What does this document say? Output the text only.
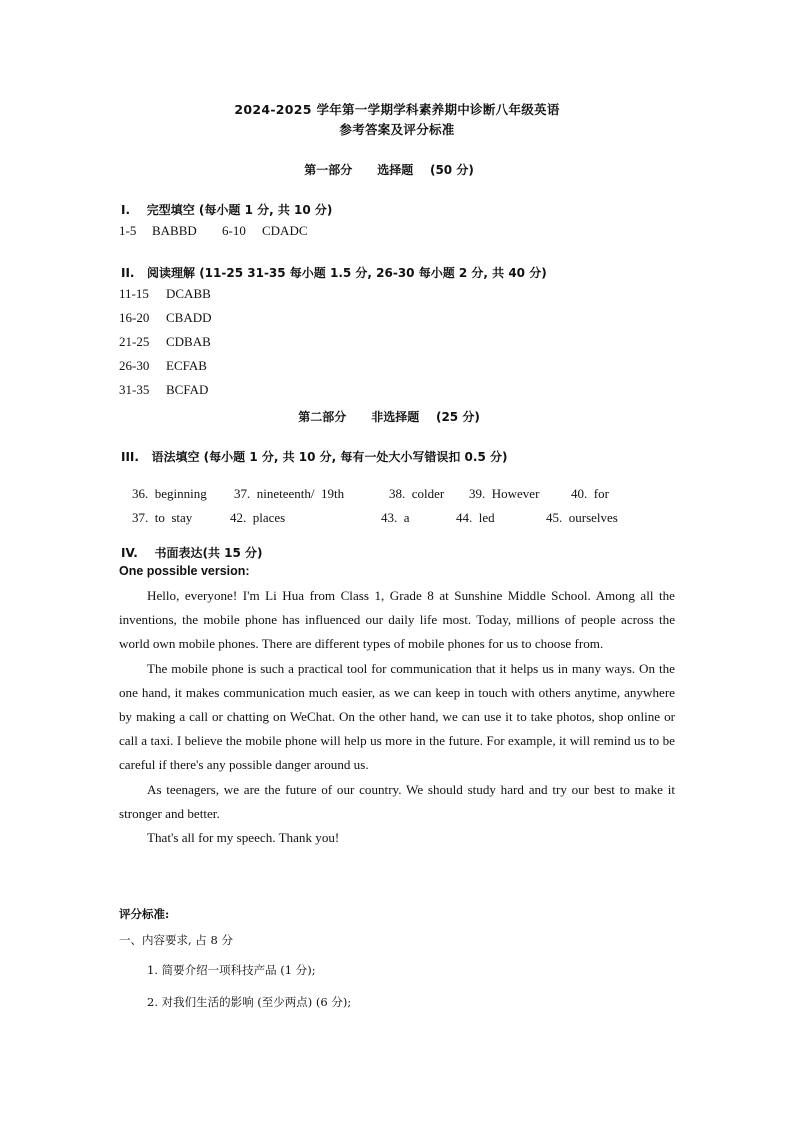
2024-2025 学年第一学期学科素养期中诊断八年级英语
参考答案及评分标准
第一部分      选择题    (50 分)
I.    完型填空 (每小题 1 分, 共 10 分)
1-5 BABBD 6-10 CDADC
II.   阅读理解 (11-25 31-35 每小题 1.5 分, 26-30 每小题 2 分, 共 40 分)
11-15 DCABB
16-20 CBADD
21-25 CDBAB
26-30 ECFAB
31-35 BCFAD
第二部分      非选择题    (25 分)
III.   语法填空 (每小题 1 分, 共 10 分, 每有一处大小写错误扣 0.5 分)

36.  beginning 37.  nineteenth/  19th	38.  colder 39.  However 40.  for

37.  to  stay	42.  places	43.  a	44.  led	45.  ourselves

IV.    书面表达(共 15 分)
One possible version:

Hello, everyone! I'm Li Hua from Class 1, Grade 8 at Sunshine Middle School. Among all the inventions, the mobile phone has influenced our daily life most. Today, millions of people across the world own mobile phones. There are different types of mobile phones for us to choose from.

The mobile phone is such a practical tool for communication that it helps us in many ways. On the one hand, it makes communication much easier, as we can keep in touch with others anytime, anywhere by making a call or chatting on WeChat. On the other hand, we can use it to take photos, shop online or call a taxi. I believe the mobile phone will help us more in the future. For example, it will remind us to be careful if there's any possible danger around us.

As teenagers, we are the future of our country. We should study hard and try our best to make it stronger and better.

That's all for my speech. Thank you!

评分标准:
一、内容要求, 占 8 分
1. 简要介绍一项科技产品 (1 分);
2. 对我们生活的影响 (至少两点) (6 分);
